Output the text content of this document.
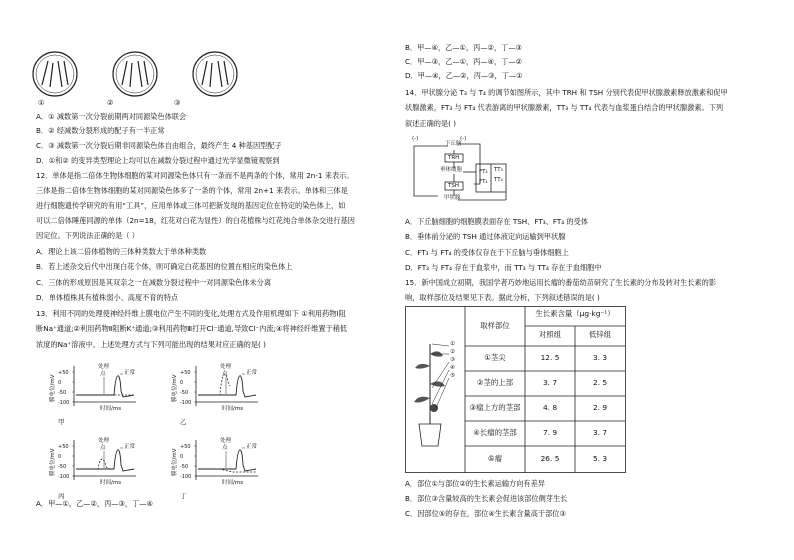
①	②	③
A．① 减数第一次分裂前期两对同源染色体联会
B．② 经减数分裂形成的配子有一半正常
C．③ 减数第一次分裂后期非同源染色体自由组合，最终产生 4 种基因型配子
D．①和② 的变异类型理论上均可以在减数分裂过程中通过光学显微镜观察到
12．单体是指二倍体生物体细胞的某对同源染色体只有一条而不是两条的个体，常用 2n-1 来表示。
三体是指二倍体生物体细胞的某对同源染色体多了一条的个体，常用 2n+1 来表示。单体和三体是
进行细胞遗传学研究的有用“工具”，应用单体或三体可把新发现的基因定位在特定的染色体上，如
可以二倍体睡莲同源的单体（2n=18，红花对白花为显性）的白花植株与红花纯合单体杂交进行基因
因定位。下列说法正确的是（ ）
A．理论上该二倍体植物的三体种类数大于单体种类数
B．若上述杂交后代中出现白花个体，则可确定白花基因的位置在相应的染色体上
C．三体的形成原因是其双亲之一在减数分裂过程中一对同源染色体未分离
D．单体植株具有植株弱小、高度不育的特点
13．利用不同的处理使神经纤维上膜电位产生不同的变化,处理方式及作用机理如下 ①利用药物Ⅰ阻
断Na⁺通道;②利用药物Ⅱ阻断K⁺通道;③利用药物Ⅲ打开Cl⁻通道,导致Cl⁻内流;④将神经纤维置于稍低
浓度的Na⁺溶液中。上述处理方式与下列可能出现的结果对应正确的是( )
+50
0
-50
-100
膜电位/mV
时间/ms
处理
点	正常
甲
+50
0
-50
-100
膜电位/mV
时间/ms
处理
点	正常
乙
+50
0
-50
-100
膜电位/mV
时间/ms
处理
点	正常
丙
+50
0
-50
-100
膜电位/mV
时间/ms
处理
点	正常
丁
A．甲—①，乙—②，丙—③，丁—④
B．甲—④，乙—①，丙—②，丁—③
C．甲—③，乙—①，丙—④，丁—②
D．甲—④，乙—②，丙—③，丁—①
14．甲状腺分泌 T₃ 与 T₄ 的调节如图所示，其中 TRH 和 TSH 分别代表促甲状腺激素释放激素和促甲
状腺激素，FT₃ 与 FT₄ 代表游离的甲状腺激素，TT₃ 与 TT₄ 代表与血浆蛋白结合的甲状腺激素。下列
叙述正确的是( )
(-)	(-)
下丘脑
TRH
垂体细胞
TSH
甲状腺
FT₃
FT₄
TT₃
TT₄
A．下丘脑细胞的细胞膜表面存在 TSH、FT₃、FT₄ 的受体
B．垂体前分泌的 TSH 通过体液定向运输到甲状腺
C．FT₃ 与 FT₄ 的受体仅存在于下丘脑与垂体细胞上
D．FT₃ 与 FT₄ 存在于血浆中，而 TT₃ 与 TT₄ 存在于血细胞中
15．新中国成立初期，我国学者巧妙地运用长瘤的番茄幼苗研究了生长素的分布及转对生长素的影
响，取样部位及结果见下表。据此分析，下列叙述错误的是( )
①
②
③
④
⑤
取样部位
生长素含量（μg·kg⁻¹）
对照组	低锌组
①茎尖	12. 5	3. 3
②茎的上部	3. 7	2. 5
③瘤上方的茎部	4. 8	2. 9
④长瘤的茎部	7. 9	3. 7
⑤瘤	26. 5	5. 3
A．部位①与部位②的生长素运输方向有差异
B．部位③含量较高的生长素会促进该部位侧芽生长
C．因部位⑤的存在，部位④生长素含量高于部位③
